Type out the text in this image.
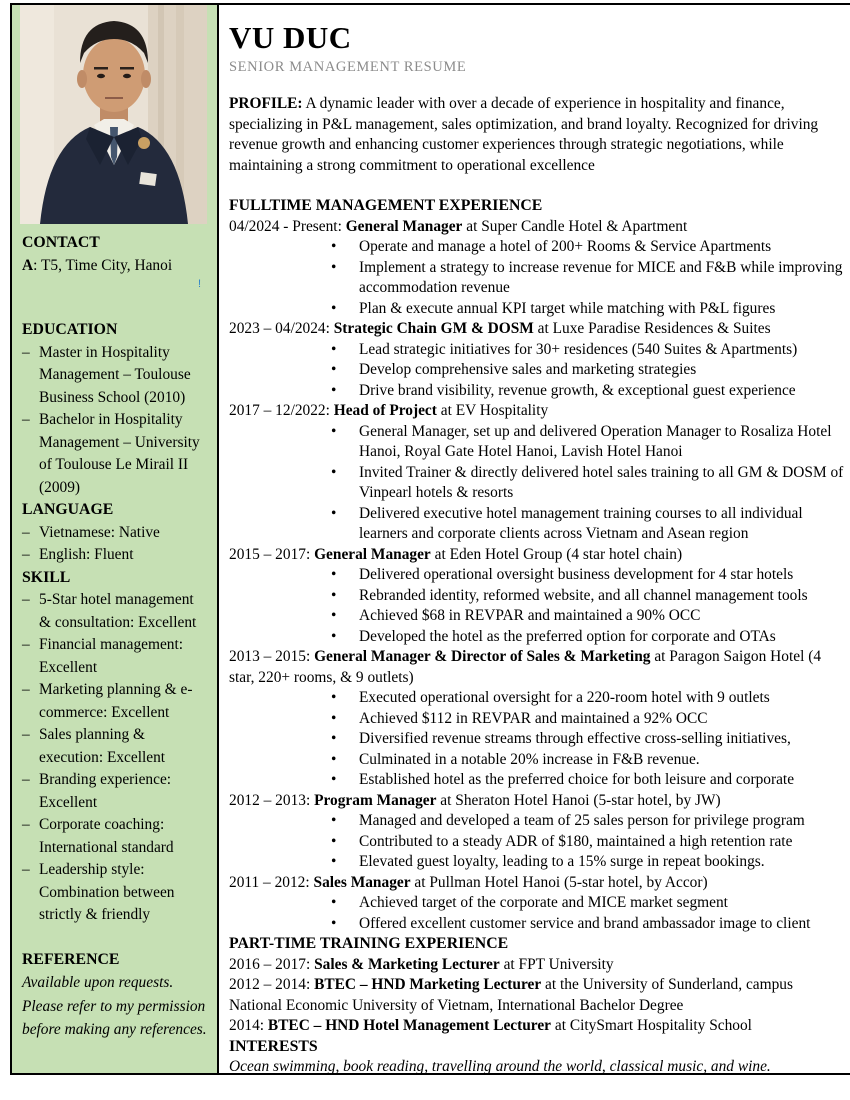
CONTACT

A: T5, Time City, Hanoi

!
EDUCATION
– Master in Hospitality Management – Toulouse Business School (2010)
– Bachelor in Hospitality Management – University of Toulouse Le Mirail II (2009)
LANGUAGE
– Vietnamese: Native
– English: Fluent
SKILL
– 5-Star hotel management & consultation: Excellent
– Financial management: Excellent
– Marketing planning & e-commerce: Excellent
– Sales planning & execution: Excellent
– Branding experience: Excellent
– Corporate coaching: International standard
– Leadership style: Combination between strictly & friendly
REFERENCE

Available upon requests. Please refer to my permission before making any references.

VU DUC
SENIOR MANAGEMENT RESUME

PROFILE: A dynamic leader with over a decade of experience in hospitality and finance, specializing in P&L management, sales optimization, and brand loyalty. Recognized for driving revenue growth and enhancing customer experiences through strategic negotiations, while maintaining a strong commitment to operational excellence

FULLTIME MANAGEMENT EXPERIENCE

04/2024 - Present: General Manager at Super Candle Hotel & Apartment

• Operate and manage a hotel of 200+ Rooms & Service Apartments
• Implement a strategy to increase revenue for MICE and F&B while improving accommodation revenue
• Plan & execute annual KPI target while matching with P&L figures

2023 – 04/2024: Strategic Chain GM & DOSM at Luxe Paradise Residences & Suites

• Lead strategic initiatives for 30+ residences (540 Suites & Apartments)
• Develop comprehensive sales and marketing strategies
• Drive brand visibility, revenue growth, & exceptional guest experience

2017 – 12/2022: Head of Project at EV Hospitality

• General Manager, set up and delivered Operation Manager to Rosaliza Hotel Hanoi, Royal Gate Hotel Hanoi, Lavish Hotel Hanoi
• Invited Trainer & directly delivered hotel sales training to all GM & DOSM of Vinpearl hotels & resorts
• Delivered executive hotel management training courses to all individual learners and corporate clients across Vietnam and Asean region

2015 – 2017: General Manager at Eden Hotel Group (4 star hotel chain)

• Delivered operational oversight business development for 4 star hotels
• Rebranded identity, reformed website, and all channel management tools
• Achieved $68 in REVPAR and maintained a 90% OCC
• Developed the hotel as the preferred option for corporate and OTAs

2013 – 2015: General Manager & Director of Sales & Marketing at Paragon Saigon Hotel (4 star, 220+ rooms, & 9 outlets)

• Executed operational oversight for a 220-room hotel with 9 outlets
• Achieved $112 in REVPAR and maintained a 92% OCC
• Diversified revenue streams through effective cross-selling initiatives,
• Culminated in a notable 20% increase in F&B revenue.
• Established hotel as the preferred choice for both leisure and corporate

2012 – 2013: Program Manager at Sheraton Hotel Hanoi (5-star hotel, by JW)

• Managed and developed a team of 25 sales person for privilege program
• Contributed to a steady ADR of $180, maintained a high retention rate
• Elevated guest loyalty, leading to a 15% surge in repeat bookings.

2011 – 2012: Sales Manager at Pullman Hotel Hanoi (5-star hotel, by Accor)

• Achieved target of the corporate and MICE market segment
• Offered excellent customer service and brand ambassador image to client
PART-TIME TRAINING EXPERIENCE

2016 – 2017: Sales & Marketing Lecturer at FPT University

2012 – 2014: BTEC – HND Marketing Lecturer at the University of Sunderland, campus National Economic University of Vietnam, International Bachelor Degree

2014: BTEC – HND Hotel Management Lecturer at CitySmart Hospitality School

INTERESTS

Ocean swimming, book reading, travelling around the world, classical music, and wine.
